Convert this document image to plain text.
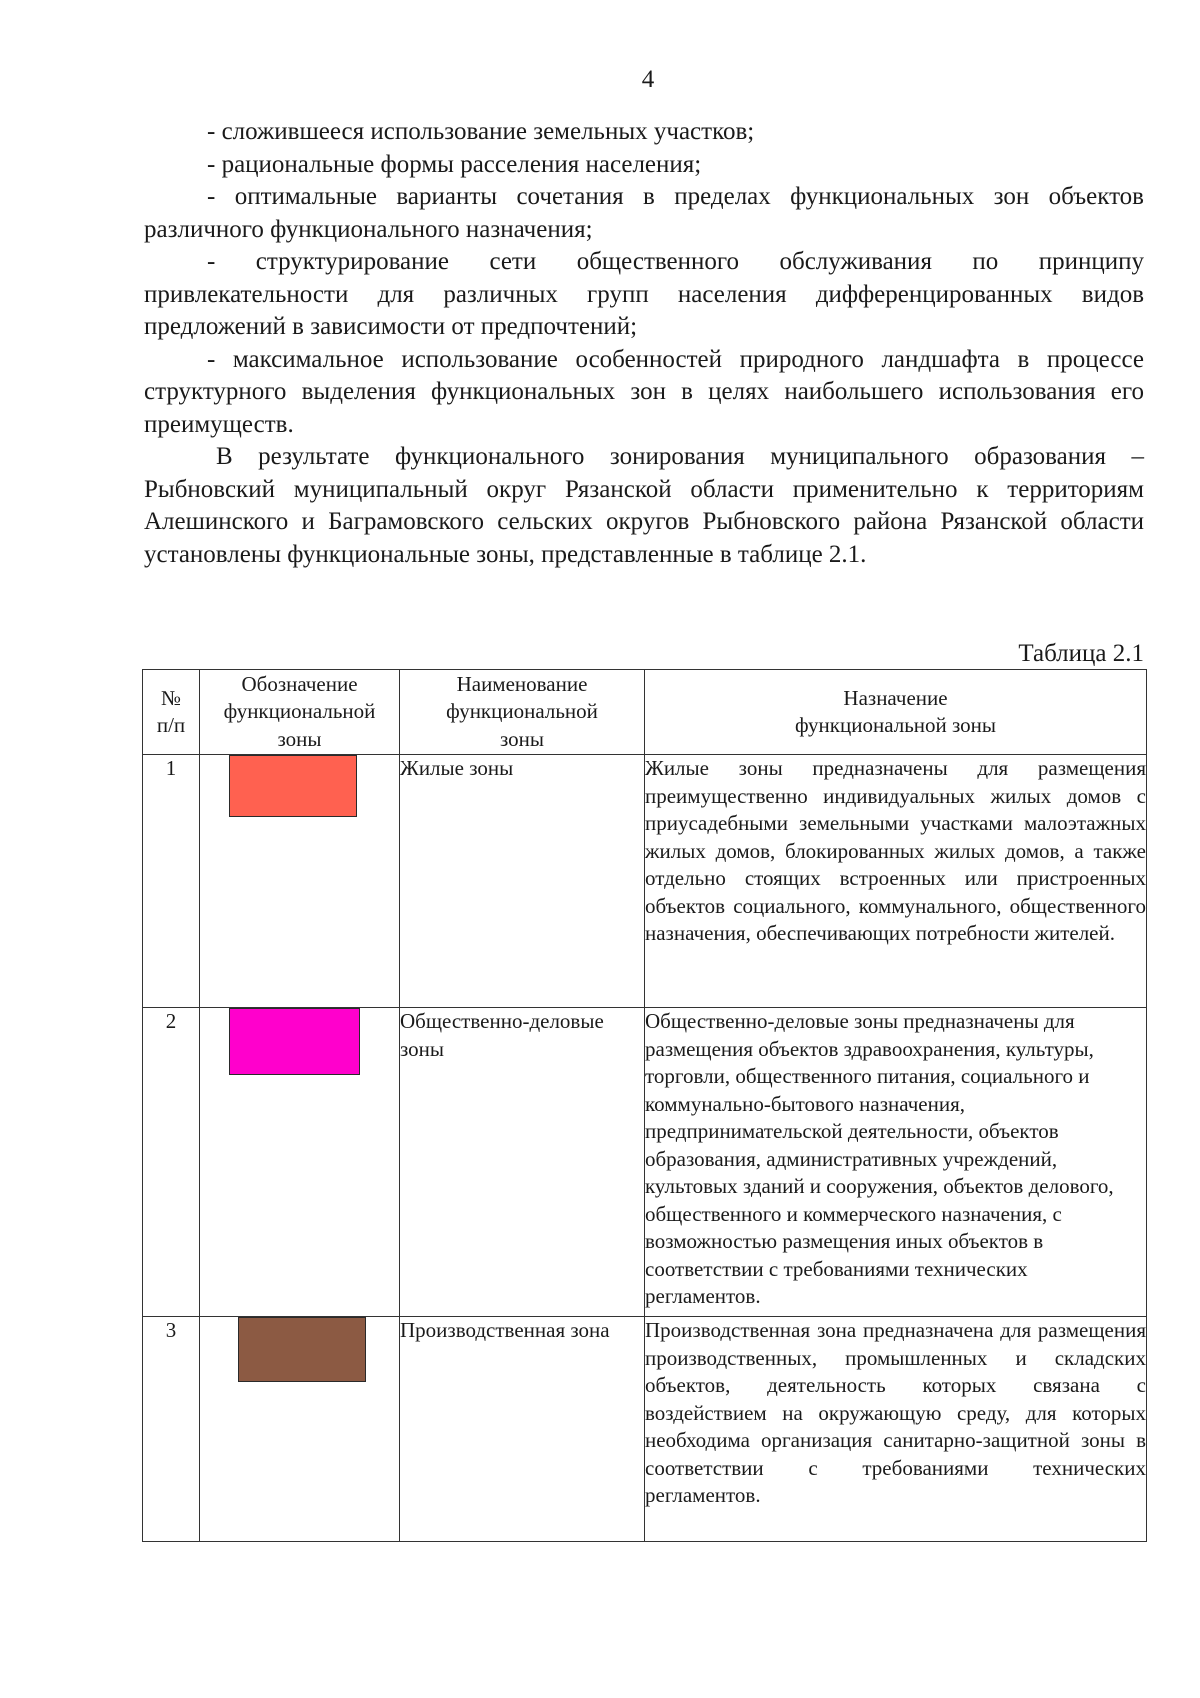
4

- сложившееся использование земельных участков;

- рациональные формы расселения населения;

- оптимальные варианты сочетания в пределах функциональных зон объектов различного функционального назначения;

- структурирование сети общественного обслуживания по принципу привлекательности для различных групп населения дифференцированных видов предложений в зависимости от предпочтений;

- максимальное использование особенностей природного ландшафта в процессе структурного выделения функциональных зон в целях наибольшего использования его преимуществ.

В результате функционального зонирования муниципального образования – Рыбновский муниципальный округ Рязанской области применительно к территориям Алешинского и Баграмовского сельских округов Рыбновского района Рязанской области установлены функциональные зоны, представленные в таблице 2.1.

Таблица 2.1
№ п/п	Обозначение функциональной зоны	Наименование функциональной зоны	Назначение функциональной зоны
1		Жилые зоны	Жилые зоны предназначены для размещения преимущественно индивидуальных жилых домов с приусадебными земельными участками малоэтажных жилых домов, блокированных жилых домов, а также отдельно стоящих встроенных или пристроенных объектов социального, коммунального, общественного назначения, обеспечивающих потребности жителей.
2		Общественно-деловые зоны	Общественно-деловые зоны предназначены для размещения объектов здравоохранения, культуры, торговли, общественного питания, социального и коммунально-бытового назначения, предпринимательской деятельности, объектов образования, административных учреждений, культовых зданий и сооружения, объектов делового, общественного и коммерческого назначения, с возможностью размещения иных объектов в соответствии с требованиями технических регламентов.
3		Производственная зона	Производственная зона предназначена для размещения производственных, промышленных и складских объектов, деятельность которых связана с воздействием на окружающую среду, для которых необходима организация санитарно-защитной зоны в соответствии с требованиями технических регламентов.
